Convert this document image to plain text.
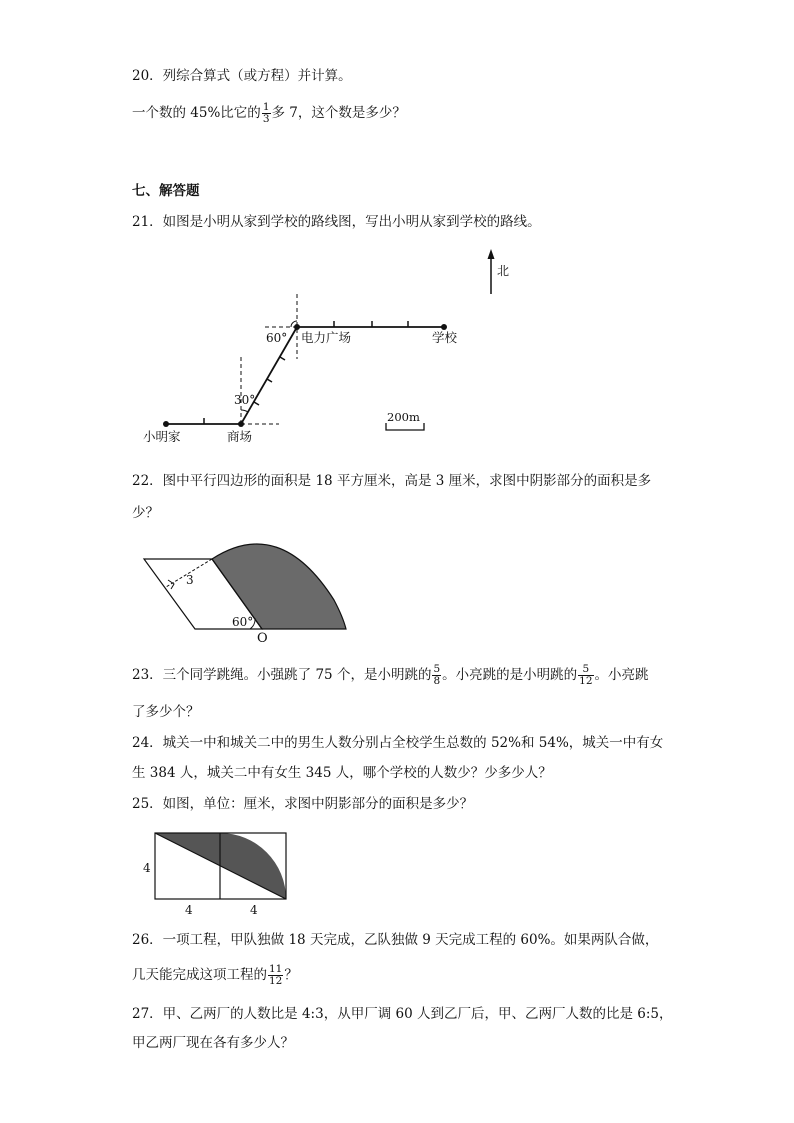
20．列综合算式（或方程）并计算。
一个数的 45%比它的 $\frac{1}{3}$ 多 7，这个数是多少？
七、解答题
21．如图是小明从家到学校的路线图，写出小明从家到学校的路线。
北
60°
30°
电力广场	学校
小明家	商场
200m
22．图中平行四边形的面积是 18 平方厘米，高是 3 厘米，求图中阴影部分的面积是多
少？
3
60°
O
23．三个同学跳绳。小强跳了 75 个，是小明跳的 $\frac{5}{8}$ 。小亮跳的是小明跳的 $\frac{5}{12}$ 。小亮跳
了多少个？
24．城关一中和城关二中的男生人数分别占全校学生总数的 52%和 54%，城关一中有女
生 384 人，城关二中有女生 345 人，哪个学校的人数少？少多少人？
25．如图，单位：厘米，求图中阴影部分的面积是多少？
4
4	4
26．一项工程，甲队独做 18 天完成，乙队独做 9 天完成工程的 60%。如果两队合做，
几天能完成这项工程的 $\frac{11}{12}$ ？
27．甲、乙两厂的人数比是 4:3，从甲厂调 60 人到乙厂后，甲、乙两厂人数的比是 6:5，
甲乙两厂现在各有多少人？
